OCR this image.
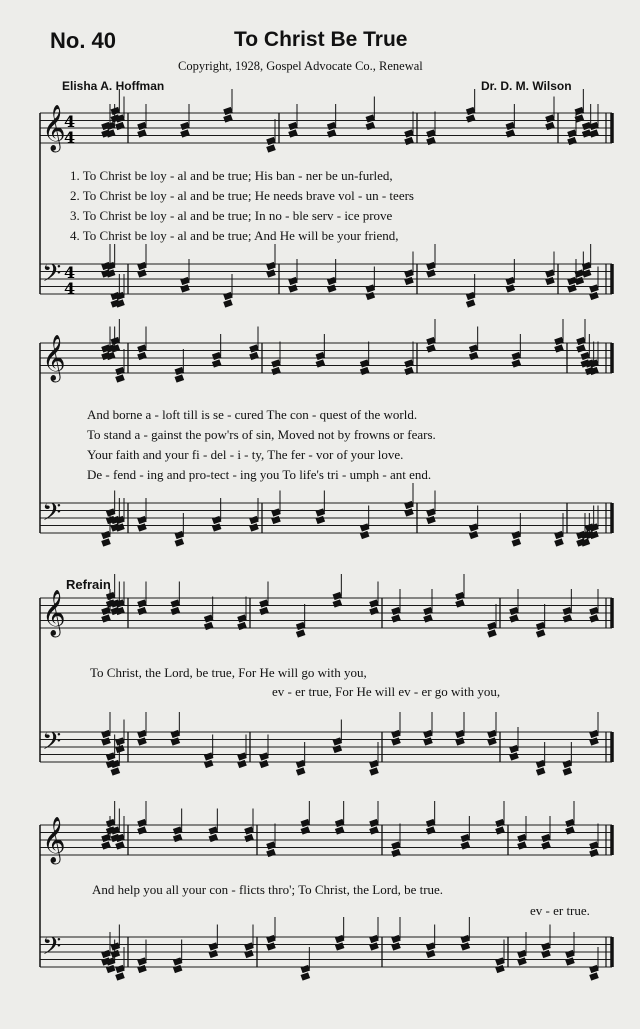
No. 40	To Christ Be True
Copyright, 1928, Gospel Advocate Co., Renewal
Elisha A. Hoffman	Dr. D. M. Wilson
𝄞
𝄢
𝄞
𝄢
𝄞
𝄢
𝄞
𝄢
4
4
4
4
1. To Christ be loy - al and be true; His ban - ner be un-furled,
2. To Christ be loy - al and be true; He needs brave vol - un - teers
3. To Christ be loy - al and be true; In no - ble serv - ice prove
4. To Christ be loy - al and be true; And He will be your friend,
And borne a - loft till is se - cured The con - quest of the world.
To stand a - gainst the pow'rs of sin, Moved not by frowns or fears.
Your faith and your fi - del - i - ty, The fer - vor of your love.
De - fend - ing and pro-tect - ing you To life's tri - umph - ant end.
Refrain
To Christ, the Lord, be true, For He will go with you,
ev - er true, For He will ev - er go with you,
And help you all your con - flicts thro'; To Christ, the Lord, be true.
ev - er true.
